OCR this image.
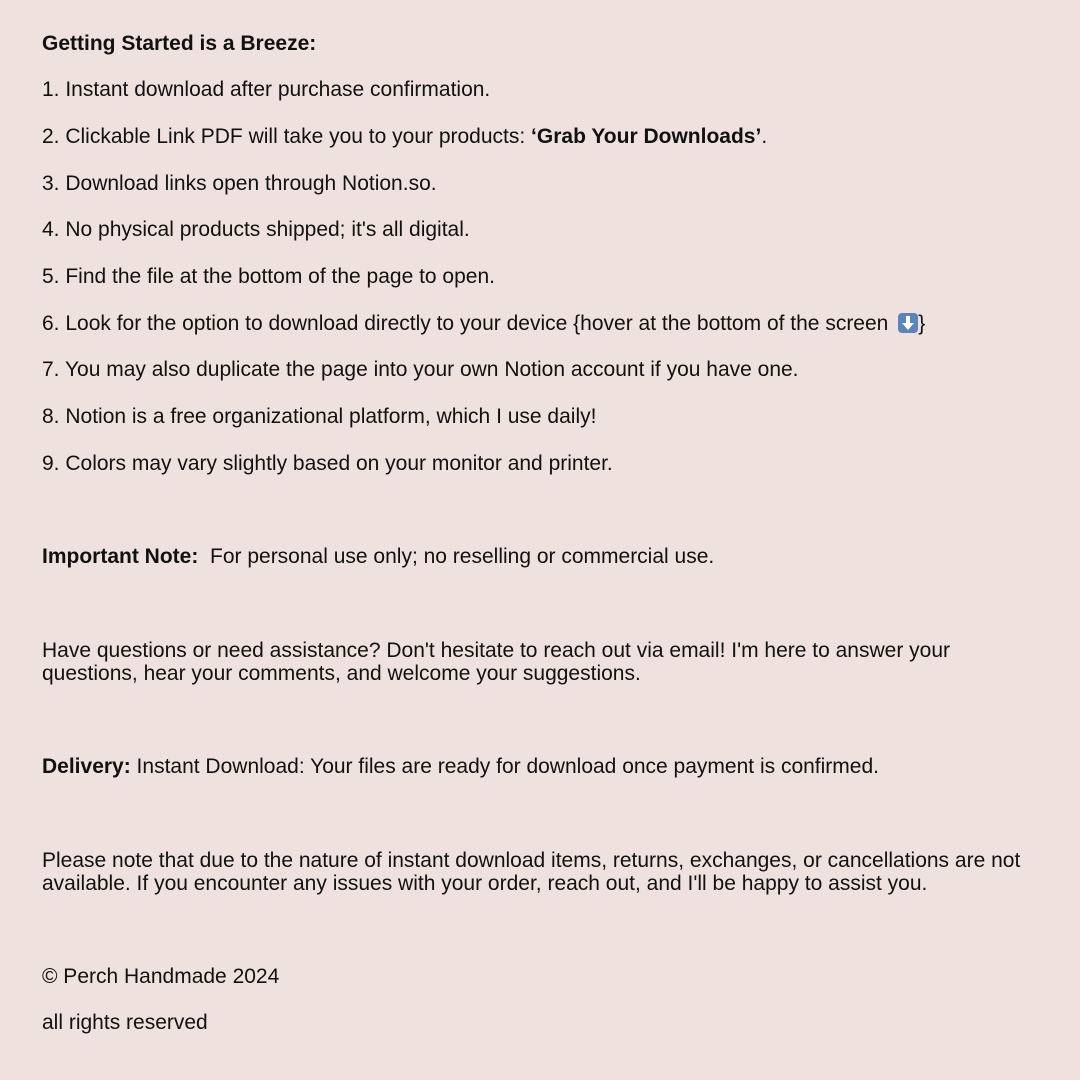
Getting Started is a Breeze:
1. Instant download after purchase confirmation.
2. Clickable Link PDF will take you to your products: ‘Grab Your Downloads’.
3. Download links open through Notion.so.
4. No physical products shipped; it's all digital.
5. Find the file at the bottom of the page to open.
6. Look for the option to download directly to your device {hover at the bottom of the screen }
7. You may also duplicate the page into your own Notion account if you have one.
8. Notion is a free organizational platform, which I use daily!
9. Colors may vary slightly based on your monitor and printer.
Important Note:  For personal use only; no reselling or commercial use.
Have questions or need assistance? Don't hesitate to reach out via email! I'm here to answer your questions, hear your comments, and welcome your suggestions.
Delivery: Instant Download: Your files are ready for download once payment is confirmed.
Please note that due to the nature of instant download items, returns, exchanges, or cancellations are not available. If you encounter any issues with your order, reach out, and I'll be happy to assist you.
© Perch Handmade 2024
all rights reserved
